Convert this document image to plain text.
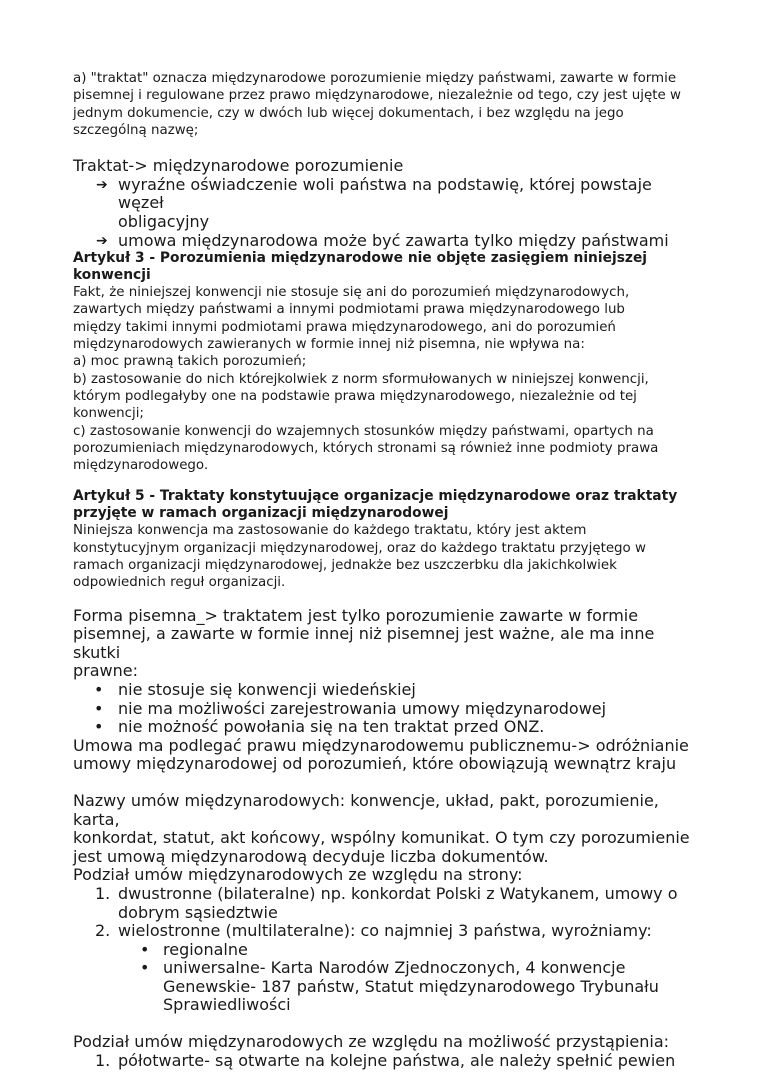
a) "traktat" oznacza międzynarodowe porozumienie między państwami, zawarte w formie
pisemnej i regulowane przez prawo międzynarodowe, niezależnie od tego, czy jest ujęte w
jednym dokumencie, czy w dwóch lub więcej dokumentach, i bez względu na jego
szczególną nazwę;

Traktat-> międzynarodowe porozumienie

➔ wyraźne oświadczenie woli państwa na podstawię, której powstaje węzeł
obligacyjny
➔ umowa międzynarodowa może być zawarta tylko między państwami

Artykuł 3 - Porozumienia międzynarodowe nie objęte zasięgiem niniejszej
konwencji

Fakt, że niniejszej konwencji nie stosuje się ani do porozumień międzynarodowych,
zawartych między państwami a innymi podmiotami prawa międzynarodowego lub
między takimi innymi podmiotami prawa międzynarodowego, ani do porozumień
międzynarodowych zawieranych w formie innej niż pisemna, nie wpływa na:
a) moc prawną takich porozumień;
b) zastosowanie do nich którejkolwiek z norm sformułowanych w niniejszej konwencji,
którym podlegałyby one na podstawie prawa międzynarodowego, niezależnie od tej
konwencji;
c) zastosowanie konwencji do wzajemnych stosunków między państwami, opartych na
porozumieniach międzynarodowych, których stronami są również inne podmioty prawa
międzynarodowego.

Artykuł 5 - Traktaty konstytuujące organizacje międzynarodowe oraz traktaty
przyjęte w ramach organizacji międzynarodowej

Niniejsza konwencja ma zastosowanie do każdego traktatu, który jest aktem
konstytucyjnym organizacji międzynarodowej, oraz do każdego traktatu przyjętego w
ramach organizacji międzynarodowej, jednakże bez uszczerbku dla jakichkolwiek
odpowiednich reguł organizacji.

Forma pisemna_> traktatem jest tylko porozumienie zawarte w formie
pisemnej, a zawarte w formie innej niż pisemnej jest ważne, ale ma inne skutki
prawne:

• nie stosuje się konwencji wiedeńskiej
• nie ma możliwości zarejestrowania umowy międzynarodowej
• nie możność powołania się na ten traktat przed ONZ.

Umowa ma podlegać prawu międzynarodowemu publicznemu-> odróżnianie
umowy międzynarodowej od porozumień, które obowiązują wewnątrz kraju

Nazwy umów międzynarodowych: konwencje, układ, pakt, porozumienie, karta,
konkordat, statut, akt końcowy, wspólny komunikat. O tym czy porozumienie
jest umową międzynarodową decyduje liczba dokumentów.
Podział umów międzynarodowych ze względu na strony:

1. dwustronne (bilateralne) np. konkordat Polski z Watykanem, umowy o
dobrym sąsiedztwie
2. wielostronne (multilateralne): co najmniej 3 państwa, wyrożniamy:
• regionalne
• uniwersalne- Karta Narodów Zjednoczonych, 4 konwencje
Genewskie- 187 państw, Statut międzynarodowego Trybunału
Sprawiedliwości

Podział umów międzynarodowych ze względu na możliwość przystąpienia:

1. półotwarte- są otwarte na kolejne państwa, ale należy spełnić pewien
